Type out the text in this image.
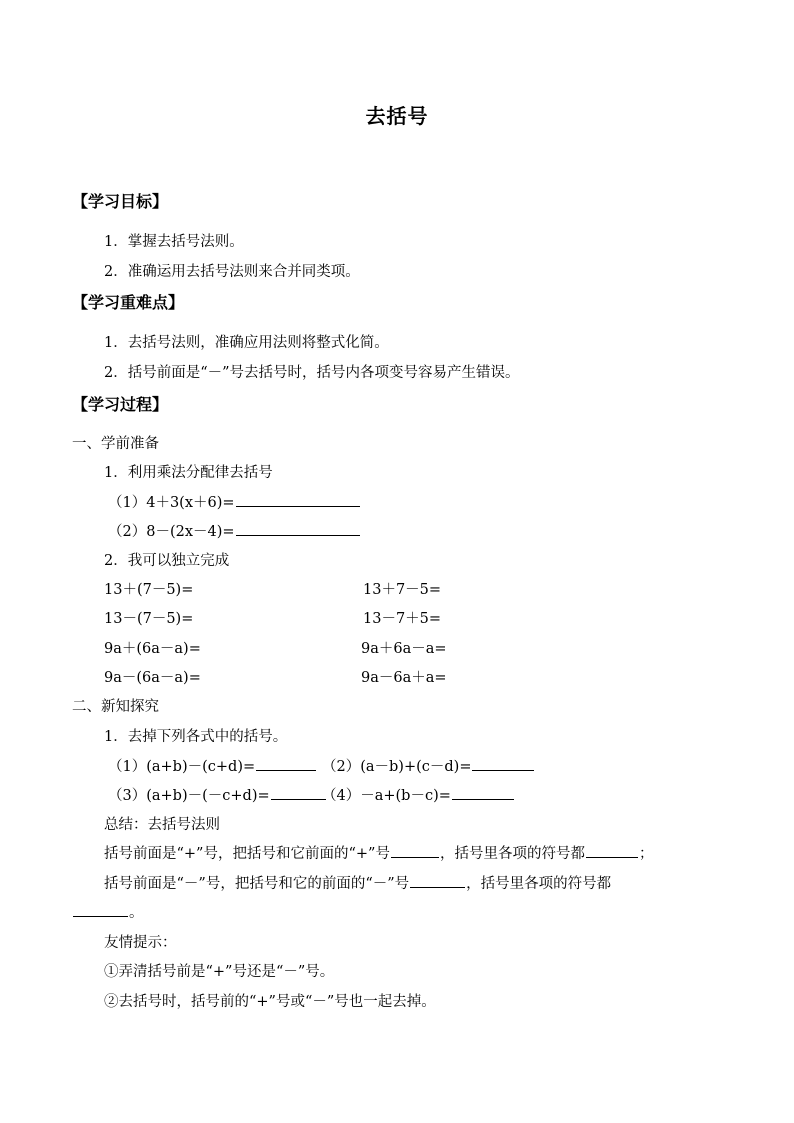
去括号
【学习目标】
1．掌握去括号法则。
2．准确运用去括号法则来合并同类项。
【学习重难点】
1．去括号法则，准确应用法则将整式化简。
2．括号前面是“－”号去括号时，括号内各项变号容易产生错误。
【学习过程】
一、学前准备
1．利用乘法分配律去括号
（1）4＋3(x＋6)=
（2）8－(2x－4)=
2．我可以独立完成
13＋(7－5)=	13＋7－5=
13－(7－5)=	13－7＋5=
9a＋(6a－a)=	9a＋6a－a=
9a－(6a－a)=	9a－6a＋a=
二、新知探究
1．去掉下列各式中的括号。
（1）(a+b)－(c+d)=	（2）(a－b)+(c－d)=
（3）(a+b)－(－c+d)=	（4）－a+(b－c)=
总结：去括号法则
括号前面是“+”号，把括号和它前面的“+”号	，括号里各项的符号都	；
括号前面是“－”号，把括号和它的前面的“－”号	，括号里各项的符号都
。
友情提示：
①弄清括号前是“+”号还是“－”号。
②去括号时，括号前的“+”号或“－”号也一起去掉。
